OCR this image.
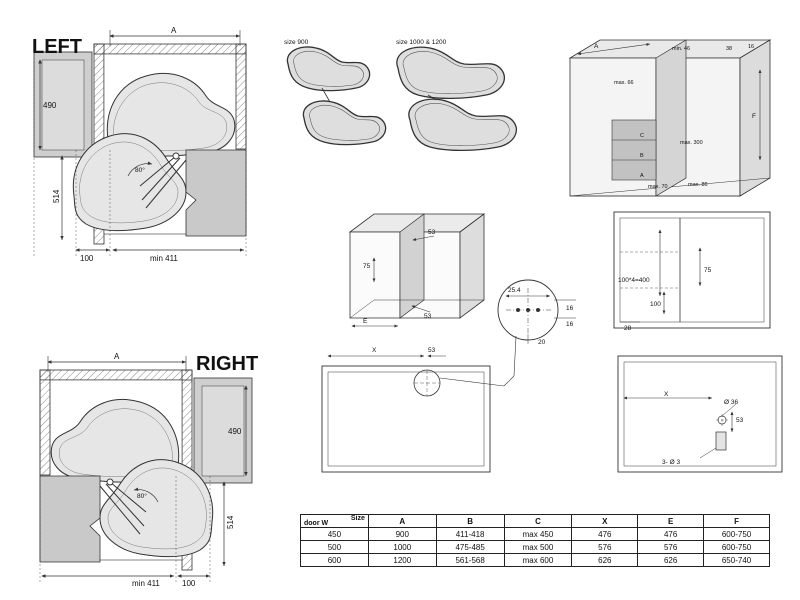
A
80°
490
514
100	min 411
LEFT
A
80°
490
514
min 411	100
RIGHT
size 900	size 1000 & 1200
C
B
A
A
F
min. 46
max. 66
38	16
max. 300
max. 70	max. 86
53
75
53
E
25.4
16
16
20
X	53
100*4=400
75
100
28
X
Ø 36
53
3- Ø 3
Size
door W	A	B	C	X	E	F
450	900	411-418	max 450	476	476	600-750
500	1000	475-485	max 500	576	576	600-750
600	1200	561-568	max 600	626	626	650-740
